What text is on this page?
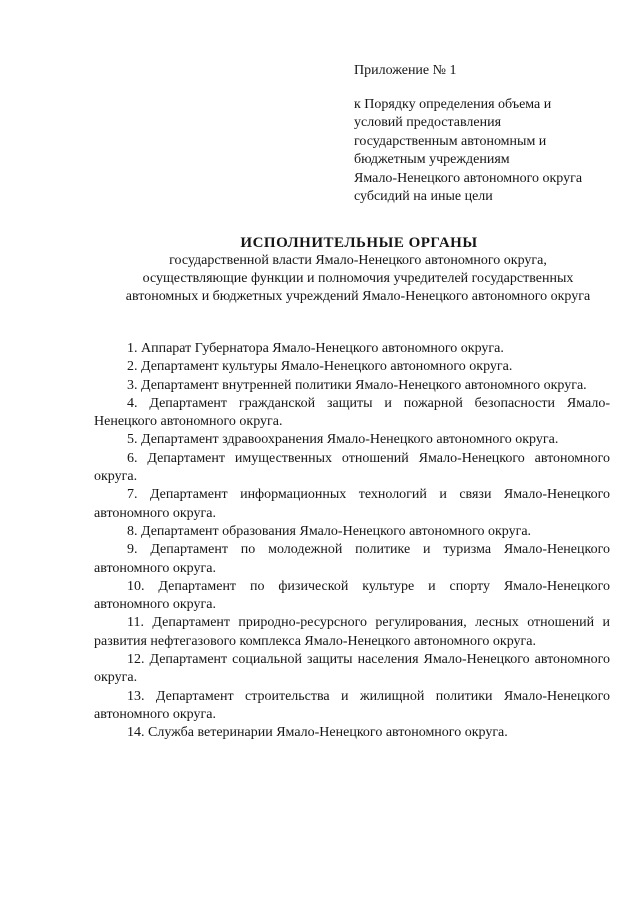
Приложение № 1
к Порядку определения объема и
условий предоставления
государственным автономным и
бюджетным учреждениям
Ямало-Ненецкого автономного округа
субсидий на иные цели
ИСПОЛНИТЕЛЬНЫЕ ОРГАНЫ
государственной власти Ямало-Ненецкого автономного округа,
осуществляющие функции и полномочия учредителей государственных
автономных и бюджетных учреждений Ямало-Ненецкого автономного округа
1. Аппарат Губернатора Ямало-Ненецкого автономного округа.
2. Департамент культуры Ямало-Ненецкого автономного округа.
3. Департамент внутренней политики Ямало-Ненецкого автономного округа.
4. Департамент гражданской защиты и пожарной безопасности Ямало-Ненецкого автономного округа.
5. Департамент здравоохранения Ямало-Ненецкого автономного округа.
6. Департамент имущественных отношений Ямало-Ненецкого автономного округа.
7. Департамент информационных технологий и связи Ямало-Ненецкого автономного округа.
8. Департамент образования Ямало-Ненецкого автономного округа.
9. Департамент по молодежной политике и туризма Ямало-Ненецкого автономного округа.
10. Департамент по физической культуре и спорту Ямало-Ненецкого автономного округа.
11. Департамент природно-ресурсного регулирования, лесных отношений и развития нефтегазового комплекса Ямало-Ненецкого автономного округа.
12. Департамент социальной защиты населения Ямало-Ненецкого автономного округа.
13. Департамент строительства и жилищной политики Ямало-Ненецкого автономного округа.
14. Служба ветеринарии Ямало-Ненецкого автономного округа.
